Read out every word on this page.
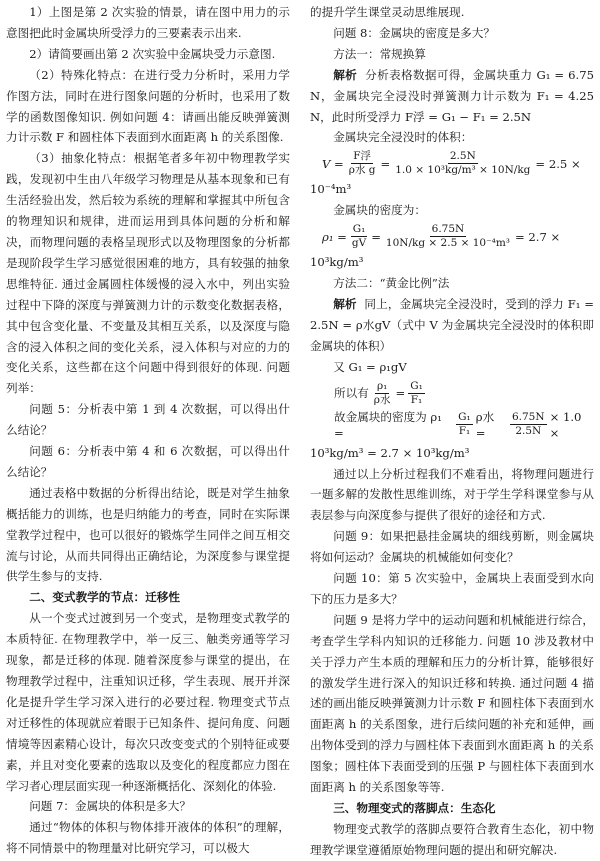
1）上图是第 2 次实验的情景，请在图中用力的示意图把此时金属块所受浮力的三要素表示出来.

2）请简要画出第 2 次实验中金属块受力示意图.

（2）特殊化特点：在进行受力分析时，采用力学作图方法，同时在进行图象问题的分析时，也采用了数学的函数图像知识. 例如问题 4：请画出能反映弹簧测力计示数 F 和圆柱体下表面到水面距离 h 的关系图像.

（3）抽象化特点：根据笔者多年初中物理教学实践，发现初中生由八年级学习物理是从基本现象和已有生活经验出发，然后较为系统的理解和掌握其中所包含的物理知识和规律，进而运用到具体问题的分析和解决，而物理问题的表格呈现形式以及物理图象的分析都是现阶段学生学习感觉很困难的地方，具有较强的抽象思维特征. 通过金属圆柱体缓慢的浸入水中，列出实验过程中下降的深度与弹簧测力计的示数变化数据表格，其中包含变化量、不变量及其相互关系，以及深度与隐含的浸入体积之间的变化关系，浸入体积与对应的力的变化关系，这些都在这个问题中得到很好的体现. 问题列举：

问题 5：分析表中第 1 到 4 次数据，可以得出什么结论？

问题 6：分析表中第 4 和 6 次数据，可以得出什么结论？

通过表格中数据的分析得出结论，既是对学生抽象概括能力的训练，也是归纳能力的考查，同时在实际课堂教学过程中，也可以很好的锻炼学生同伴之间互相交流与讨论，从而共同得出正确结论，为深度参与课堂提供学生参与的支持.

二、变式教学的节点：迁移性

从一个变式过渡到另一个变式，是物理变式教学的本质特征. 在物理教学中，举一反三、触类旁通等学习现象，都是迁移的体现. 随着深度参与课堂的提出，在物理教学过程中，注重知识迁移，学生表现、展开并深化是提升学生学习深入进行的必要过程. 物理变式节点对迁移性的体现就应着眼于已知条件、提问角度、问题情境等因素精心设计，每次只改变变式的个别特征或要素，并且对变化要素的选取以及变化的程度都应力图在学习者心理层面实现一种逐渐概括化、深刻化的体验.

问题 7：金属块的体积是多大？

通过“物体的体积与物体排开液体的体积”的理解，将不同情景中的物理量对比研究学习，可以极大

的提升学生课堂灵动思维展现.

问题 8：金属块的密度是多大？

方法一：常规换算

解析 分析表格数据可得，金属块重力 G₁ = 6.75N，金属块完全浸没时弹簧测力计示数为 F₁ = 4.25N，此时所受浮力 F浮 = G₁ − F₁ = 2.5N

金属块完全浸没时的体积：

$V = \frac{\text{F浮}}{\text{ρ水 g}} = \frac{2.5N}{\text{1.0 × 10³kg/m³ × 10N/kg}} = 2.5$ ×

10⁻⁴m³

金属块的密度为：

$\rho_1 = \frac{\text{G₁}}{gV} = \frac{6.75N}{\text{10N/kg × 2.5 × 10⁻⁴m³}} = 2.7$ ×

10³kg/m³

方法二：“黄金比例”法

解析 同上，金属块完全浸没时，受到的浮力 F₁ = 2.5N = ρ水gV（式中 V 为金属块完全浸没时的体积即金属块的体积）

又 G₁ = ρ₁gV

所以有 $\frac{\text{ρ₁}}{\text{ρ水}} = \frac{\text{G₁}}{\text{F₁}}$
故金属块的密度为 ρ₁ =	$\frac{\text{G₁}}{\text{F₁}}$ ρ水 =	$\frac{6.75N}{2.5N} \times 1.0$ ×

10³kg/m³ = 2.7 × 10³kg/m³

通过以上分析过程我们不难看出，将物理问题进行一题多解的发散性思维训练，对于学生学科课堂参与从表层参与向深度参与提供了很好的途径和方式.

问题 9：如果把悬挂金属块的细线剪断，则金属块将如何运动？金属块的机械能如何变化？

问题 10：第 5 次实验中，金属块上表面受到水向下的压力是多大？

问题 9 是将力学中的运动问题和机械能进行综合，考查学生学科内知识的迁移能力. 问题 10 涉及教材中关于浮力产生本质的理解和压力的分析计算，能够很好的激发学生进行深入的知识迁移和转换. 通过问题 4 描述的画出能反映弹簧测力计示数 F 和圆柱体下表面到水面距离 h 的关系图象，进行后续问题的补充和延伸，画出物体受到的浮力与圆柱体下表面到水面距离 h 的关系图象；圆柱体下表面受到的压强 P 与圆柱体下表面到水面距离 h 的关系图象等等.

三、物理变式的落脚点：生态化

物理变式教学的落脚点要符合教育生态化，初中物理教学课堂遵循原始物理问题的提出和研究解决.
